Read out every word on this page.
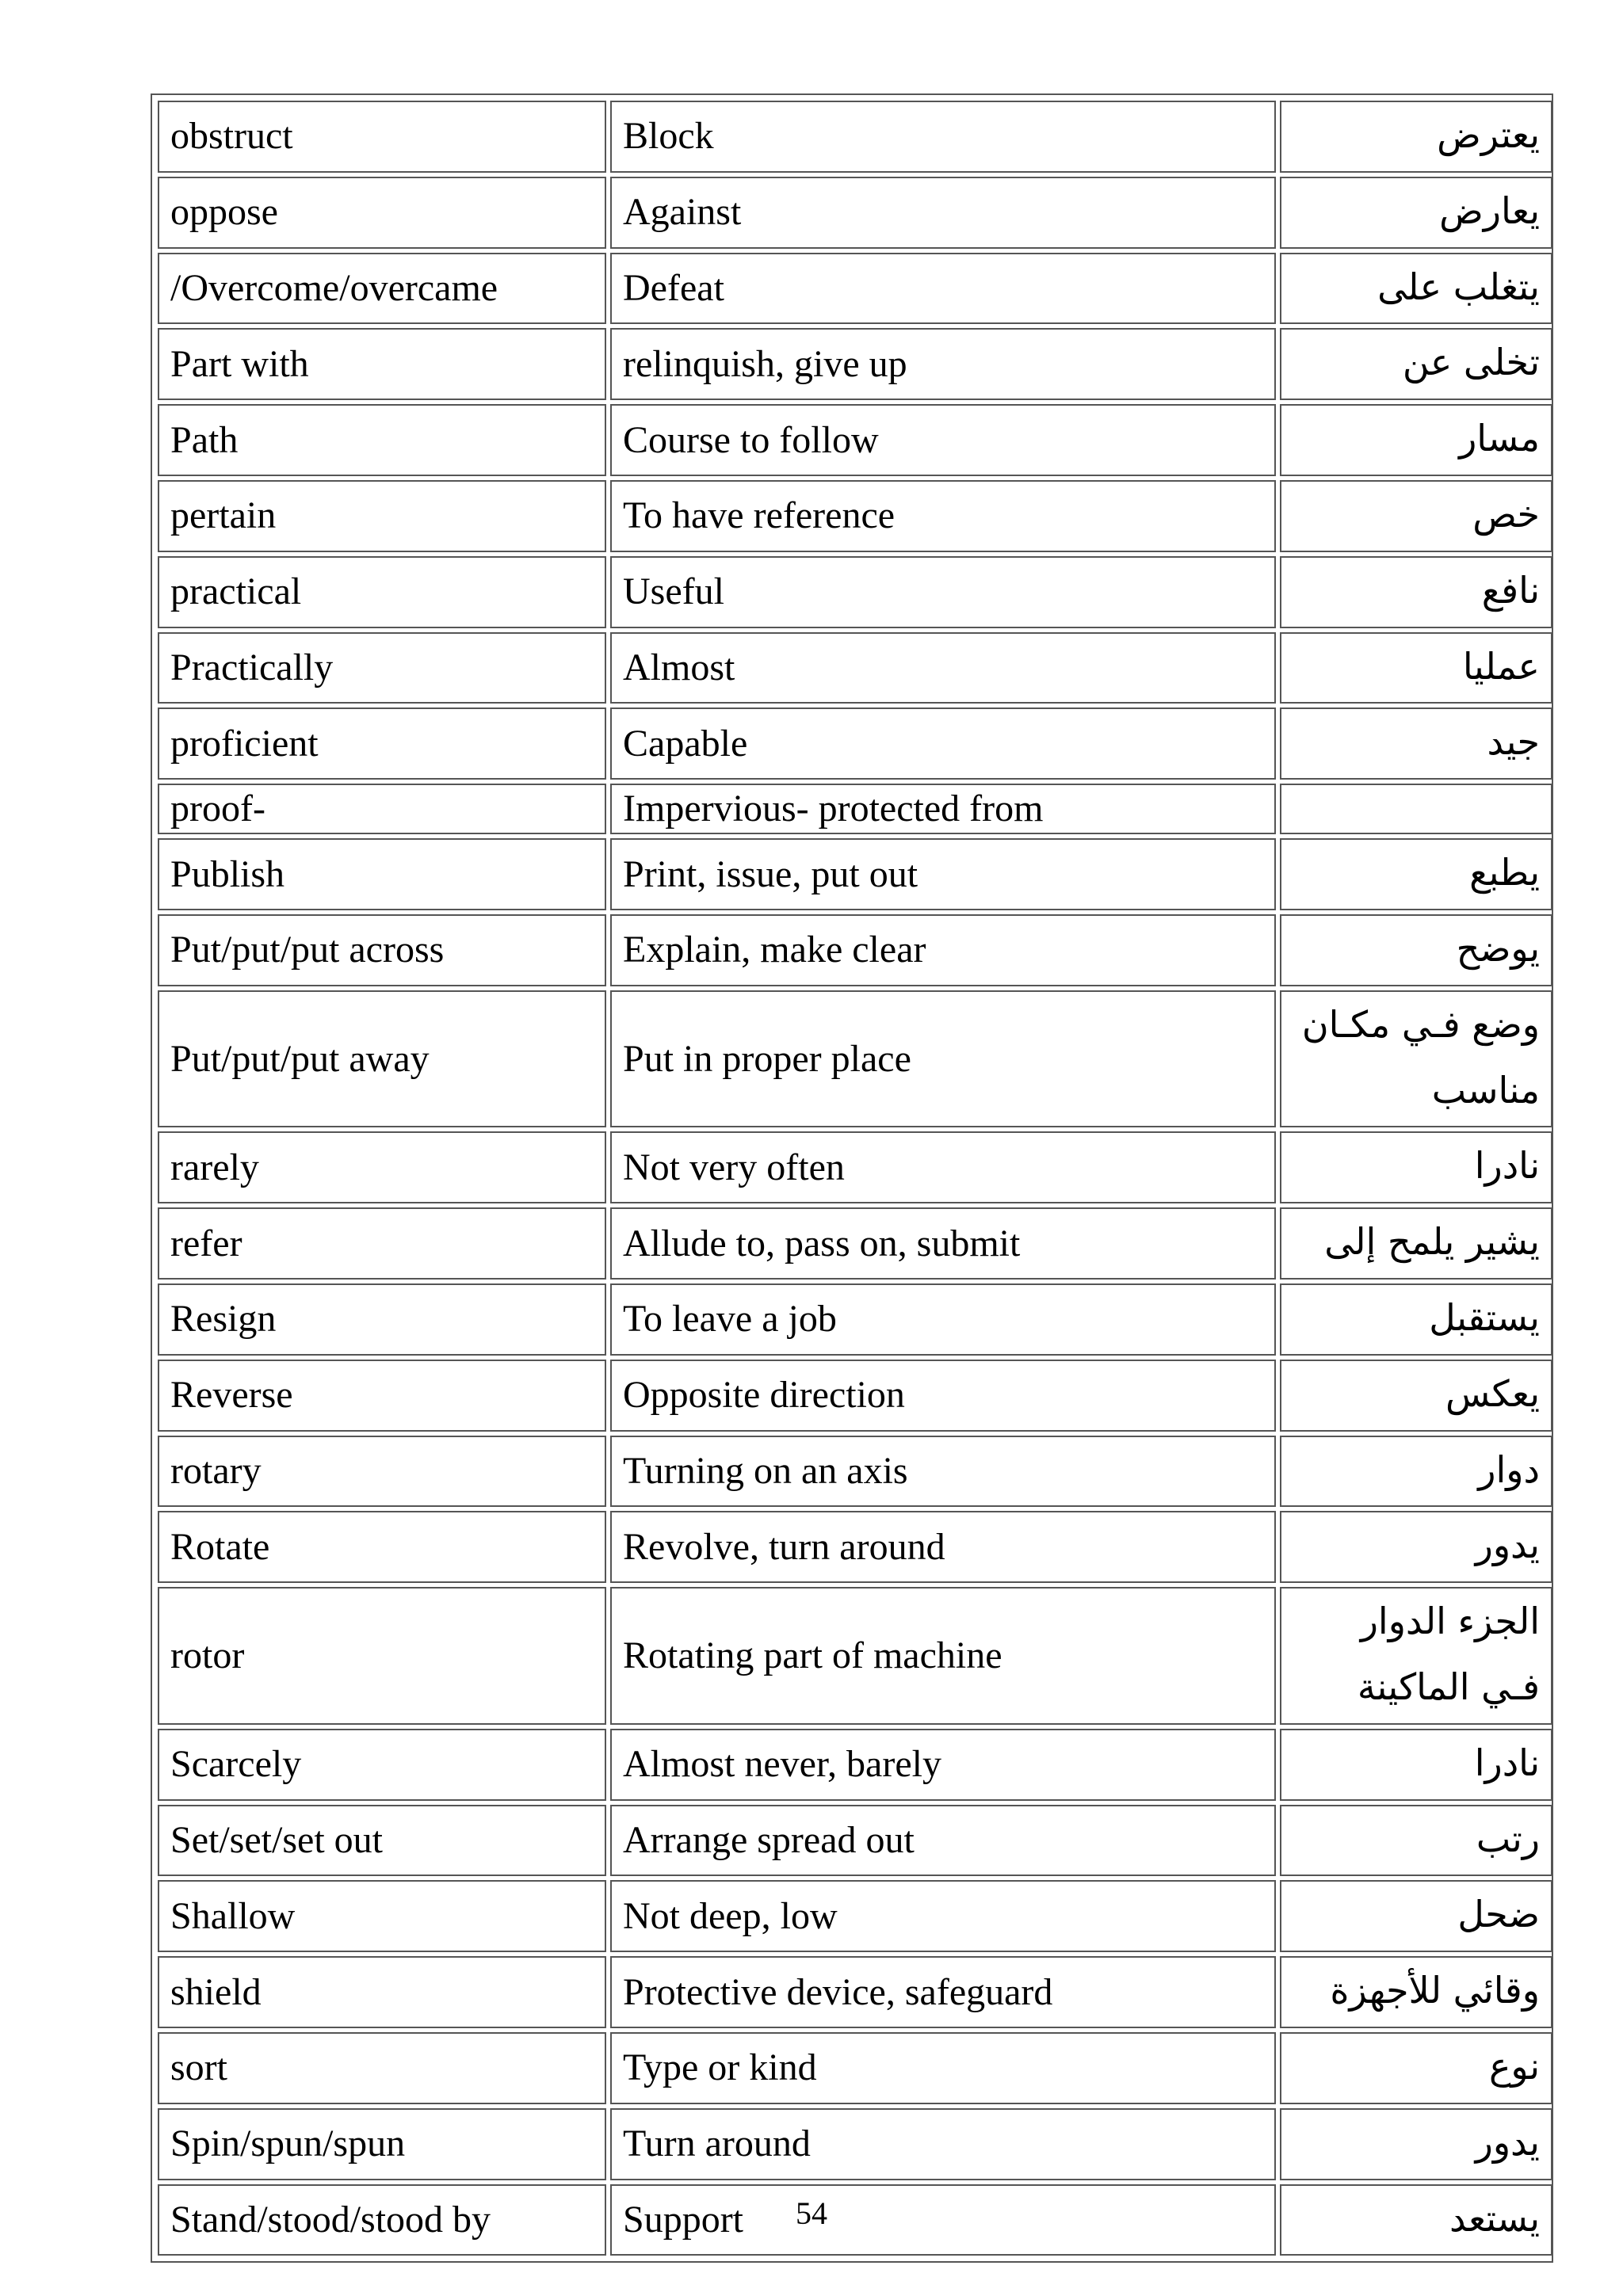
obstruct	Block	يعترض
oppose	Against	يعارض
/Overcome/overcame	Defeat	يتغلب على
Part with	relinquish, give up	تخلى عن
Path	Course to follow	مسار
pertain	To have reference	خص
practical	Useful	نافع
Practically	Almost	عمليا
proficient	Capable	جيد
proof-	Impervious- protected from	
Publish	Print, issue, put out	يطبع
Put/put/put across	Explain, make clear	يوضح
Put/put/put away	Put in proper place	وضع فـي مكـان مناسب
rarely	Not very often	نادرا
refer	Allude to, pass on, submit	يشير يلمح إلى
Resign	To leave a job	يستقبل
Reverse	Opposite direction	يعكس
rotary	Turning on an axis	دوار
Rotate	Revolve, turn around	يدور
rotor	Rotating part of machine	الجزء الدوار فـي الماكينة
Scarcely	Almost never, barely	نادرا
Set/set/set out	Arrange spread out	رتب
Shallow	Not deep, low	ضحل
shield	Protective device, safeguard	وقائي للأجهزة
sort	Type or kind	نوع
Spin/spun/spun	Turn around	يدور
Stand/stood/stood by	Support	يستعد
54
